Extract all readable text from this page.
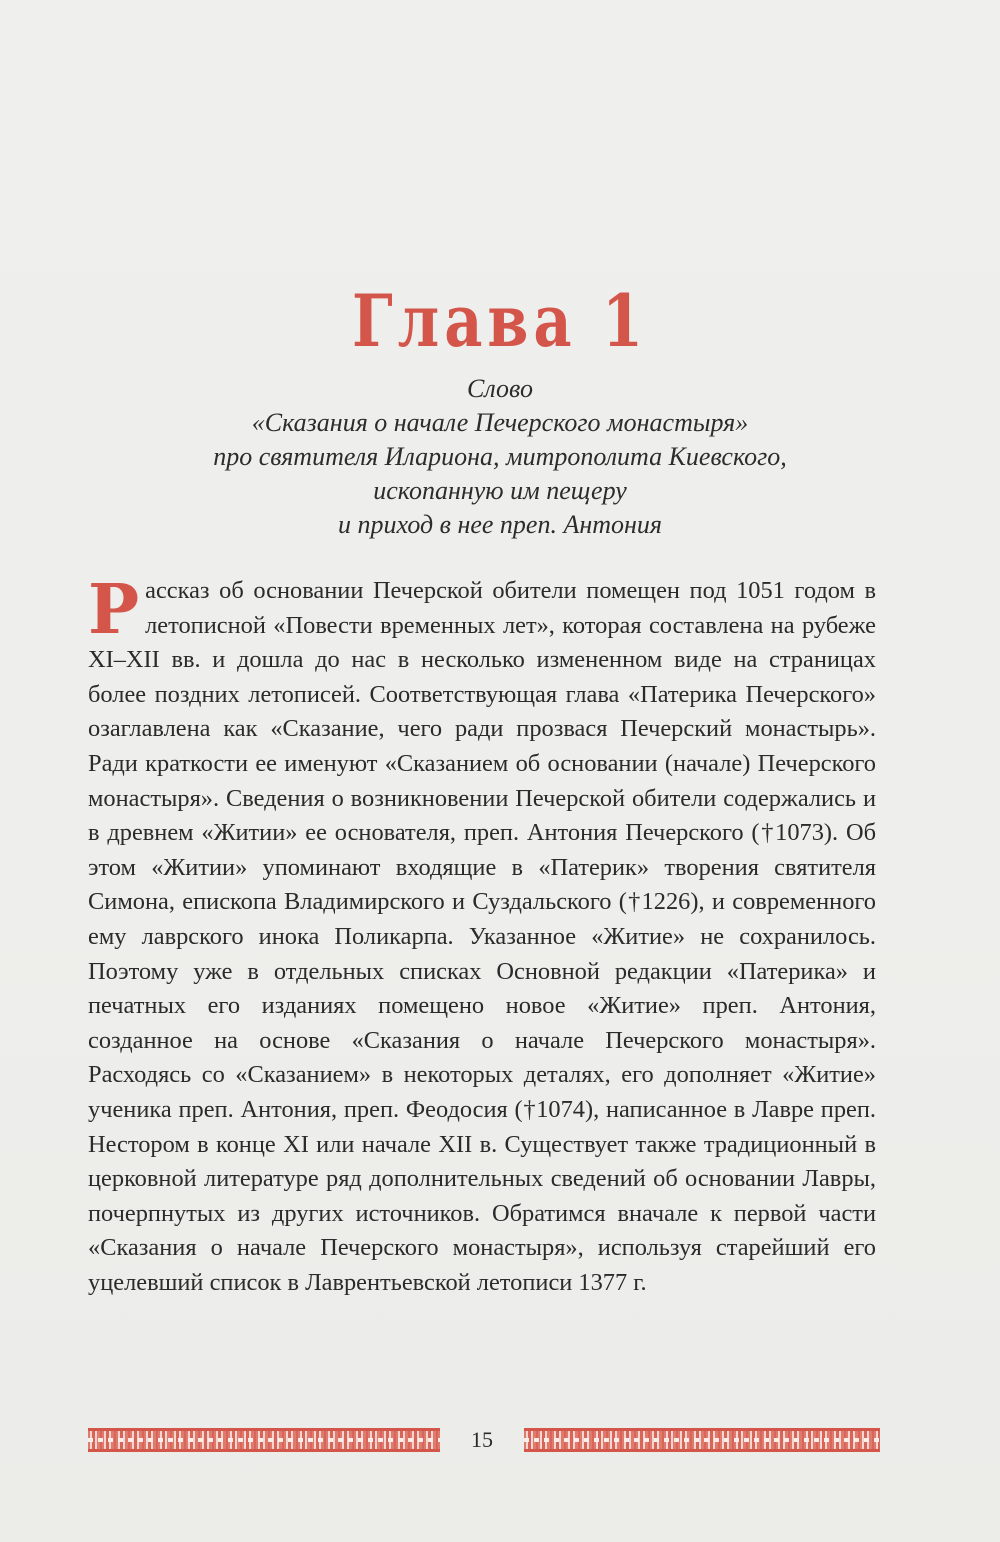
Глава 1
Слово
«Сказания о начале Печерского монастыря»
про святителя Илариона, митрополита Киевского,
ископанную им пещеру
и приход в нее преп. Антония
Рассказ об основании Печерской обители помещен под 1051 годом в летописной «Повести временных лет», которая составлена на рубеже XI–XII вв. и дошла до нас в несколько измененном виде на страницах более поздних летописей. Соответствующая глава «Патерика Печерского» озаглавлена как «Сказание, чего ради прозвася Печерский монастырь». Ради краткости ее именуют «Сказанием об основании (начале) Печерского монастыря». Сведения о возникновении Печерской обители содержались и в древнем «Житии» ее основателя, преп. Антония Печерского (†1073). Об этом «Житии» упоминают входящие в «Патерик» творения святителя Симона, епископа Владимирского и Суздальского (†1226), и современного ему лаврского инока Поликарпа. Указанное «Житие» не сохранилось. Поэтому уже в отдельных списках Основной редакции «Патерика» и печатных его изданиях помещено новое «Житие» преп. Антония, созданное на основе «Сказания о начале Печерского монастыря». Расходясь со «Сказанием» в некоторых деталях, его дополняет «Житие» ученика преп. Антония, преп. Феодосия (†1074), написанное в Лавре преп. Нестором в конце XI или начале XII в. Существует также традиционный в церковной литературе ряд дополнительных сведений об основании Лавры, почерпнутых из других источников. Обратимся вначале к первой части «Сказания о начале Печерского монастыря», используя старейший его уцелевший список в Лаврентьевской летописи 1377 г.
15
